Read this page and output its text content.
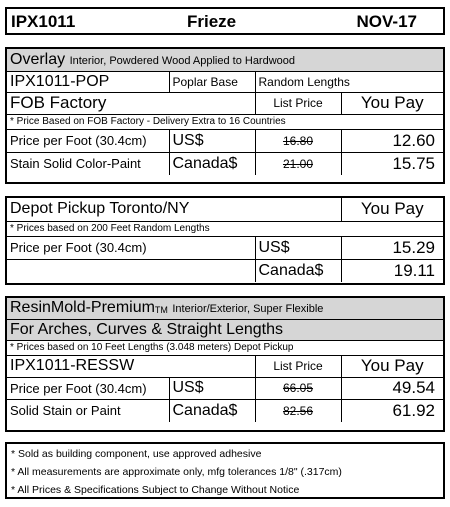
IPX1011	Frieze	NOV-17
Overlay Interior, Powdered Wood Applied to Hardwood			
IPX1011-POP	Poplar Base	Random Lengths	
FOB Factory		List Price	You Pay
* Price Based on FOB Factory - Delivery Extra to 16 Countries			
Price per Foot (30.4cm)	US$	16.80	12.60
Stain Solid Color-Paint	Canada$	21.00	15.75
Depot Pickup Toronto/NY		You Pay
* Prices based on 200 Feet Random Lengths		
Price per Foot (30.4cm)	US$	15.29
	Canada$	19.11
ResinMold-PremiumTM Interior/Exterior, Super Flexible			
For Arches, Curves & Straight Lengths			
* Prices based on 10 Feet Lengths (3.048 meters) Depot Pickup			
IPX1011-RESSW		List Price	You Pay
Price per Foot (30.4cm)	US$	66.05	49.54
Solid Stain or Paint	Canada$	82.56	61.92
* Sold as building component, use approved adhesive
* All measurements are approximate only, mfg tolerances 1/8" (.317cm)
* All Prices & Specifications Subject to Change Without Notice
